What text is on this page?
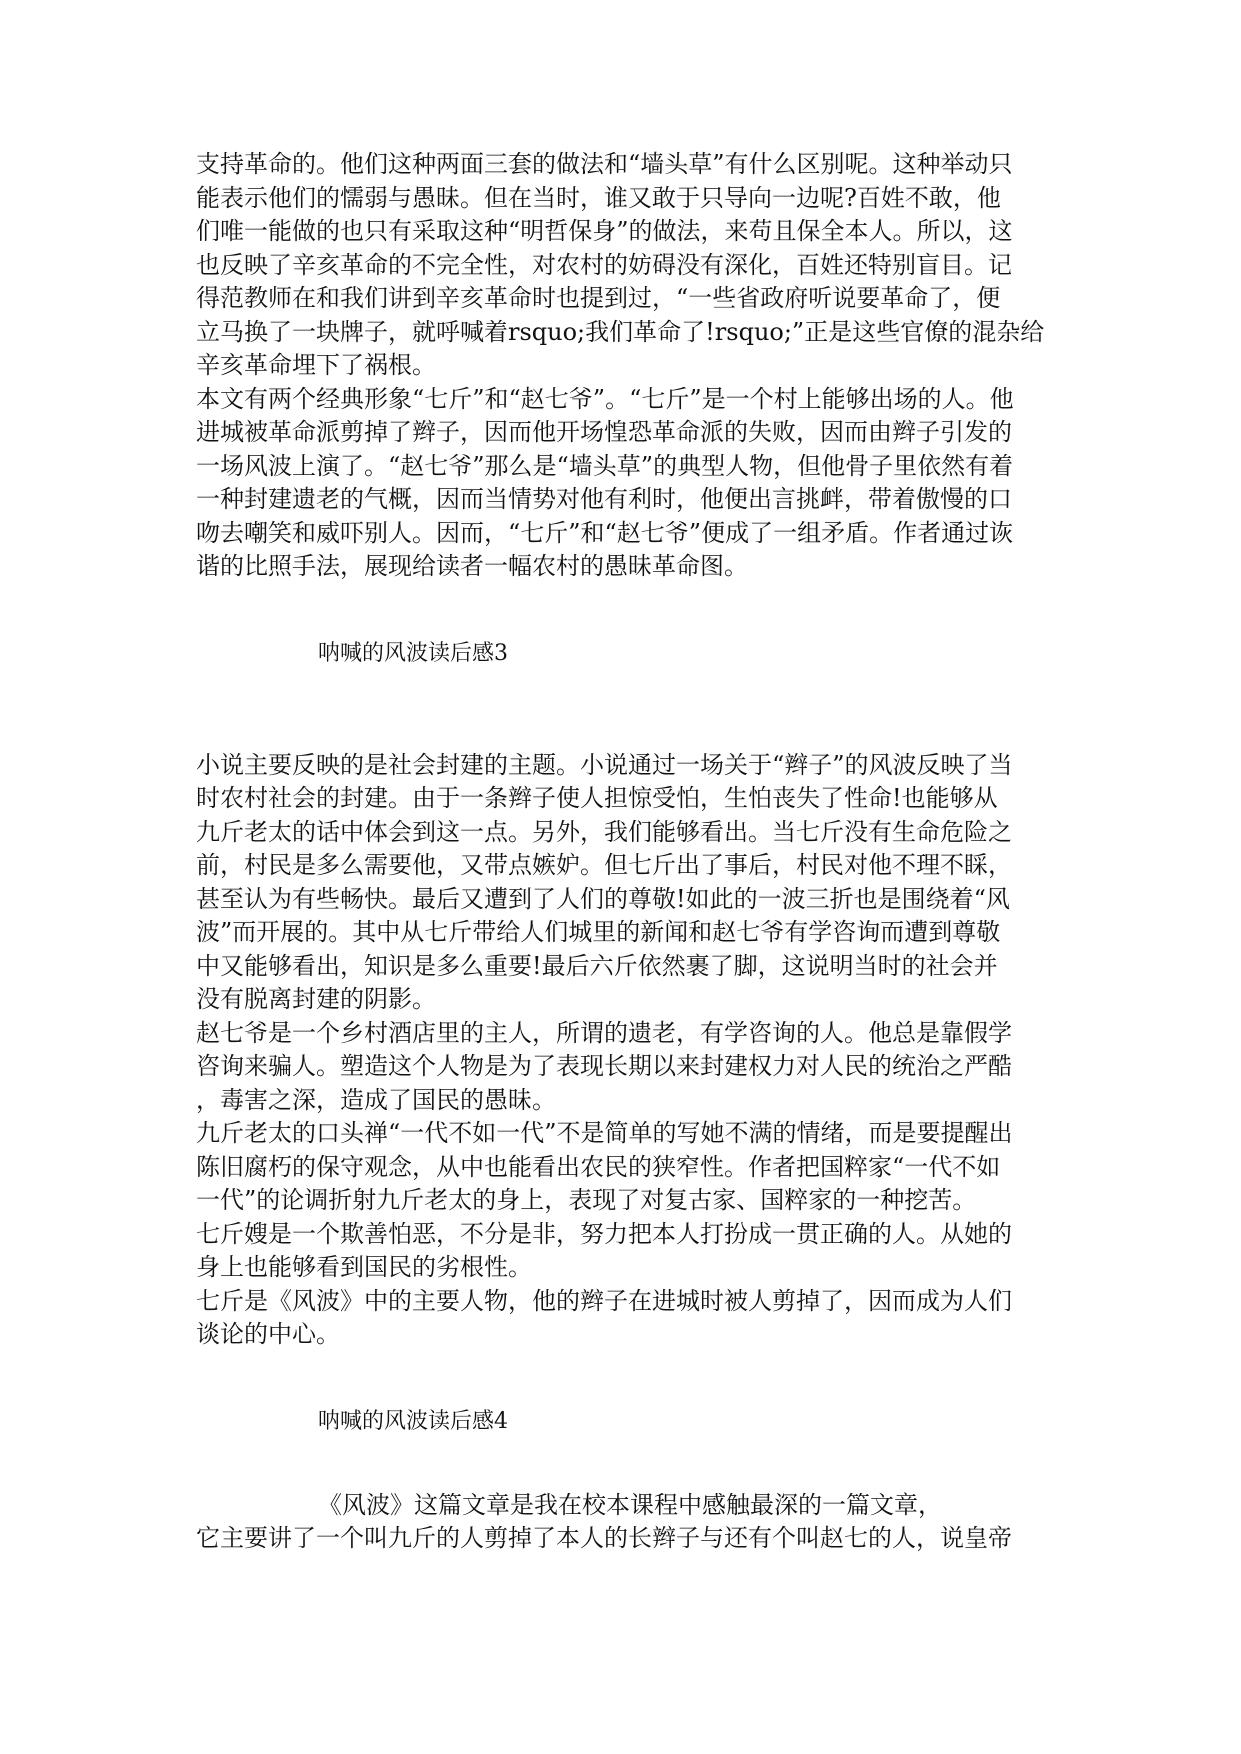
支持革命的。他们这种两面三套的做法和“墙头草”有什么区别呢。这种举动只
能表示他们的懦弱与愚昧。但在当时，谁又敢于只导向一边呢?百姓不敢，他
们唯一能做的也只有采取这种“明哲保身”的做法，来苟且保全本人。所以，这
也反映了辛亥革命的不完全性，对农村的妨碍没有深化，百姓还特别盲目。记
得范教师在和我们讲到辛亥革命时也提到过，“一些省政府听说要革命了，便
立马换了一块牌子，就呼喊着rsquo;我们革命了!rsquo;”正是这些官僚的混杂给
辛亥革命埋下了祸根。

本文有两个经典形象“七斤”和“赵七爷”。“七斤”是一个村上能够出场的人。他
进城被革命派剪掉了辫子，因而他开场惶恐革命派的失败，因而由辫子引发的
一场风波上演了。“赵七爷”那么是“墙头草”的典型人物，但他骨子里依然有着
一种封建遗老的气概，因而当情势对他有利时，他便出言挑衅，带着傲慢的口
吻去嘲笑和威吓别人。因而，“七斤”和“赵七爷”便成了一组矛盾。作者通过诙
谐的比照手法，展现给读者一幅农村的愚昧革命图。

呐喊的风波读后感3

小说主要反映的是社会封建的主题。小说通过一场关于“辫子”的风波反映了当
时农村社会的封建。由于一条辫子使人担惊受怕，生怕丧失了性命!也能够从
九斤老太的话中体会到这一点。另外，我们能够看出。当七斤没有生命危险之
前，村民是多么需要他，又带点嫉妒。但七斤出了事后，村民对他不理不睬，
甚至认为有些畅快。最后又遭到了人们的尊敬!如此的一波三折也是围绕着“风
波”而开展的。其中从七斤带给人们城里的新闻和赵七爷有学咨询而遭到尊敬
中又能够看出，知识是多么重要!最后六斤依然裹了脚，这说明当时的社会并
没有脱离封建的阴影。

赵七爷是一个乡村酒店里的主人，所谓的遗老，有学咨询的人。他总是靠假学
咨询来骗人。塑造这个人物是为了表现长期以来封建权力对人民的统治之严酷
，毒害之深，造成了国民的愚昧。

九斤老太的口头禅“一代不如一代”不是简单的写她不满的情绪，而是要提醒出
陈旧腐朽的保守观念，从中也能看出农民的狭窄性。作者把国粹家“一代不如
一代”的论调折射九斤老太的身上，表现了对复古家、国粹家的一种挖苦。

七斤嫂是一个欺善怕恶，不分是非，努力把本人打扮成一贯正确的人。从她的
身上也能够看到国民的劣根性。

七斤是《风波》中的主要人物，他的辫子在进城时被人剪掉了，因而成为人们
谈论的中心。

呐喊的风波读后感4

《风波》这篇文章是我在校本课程中感触最深的一篇文章，
它主要讲了一个叫九斤的人剪掉了本人的长辫子与还有个叫赵七的人，说皇帝
